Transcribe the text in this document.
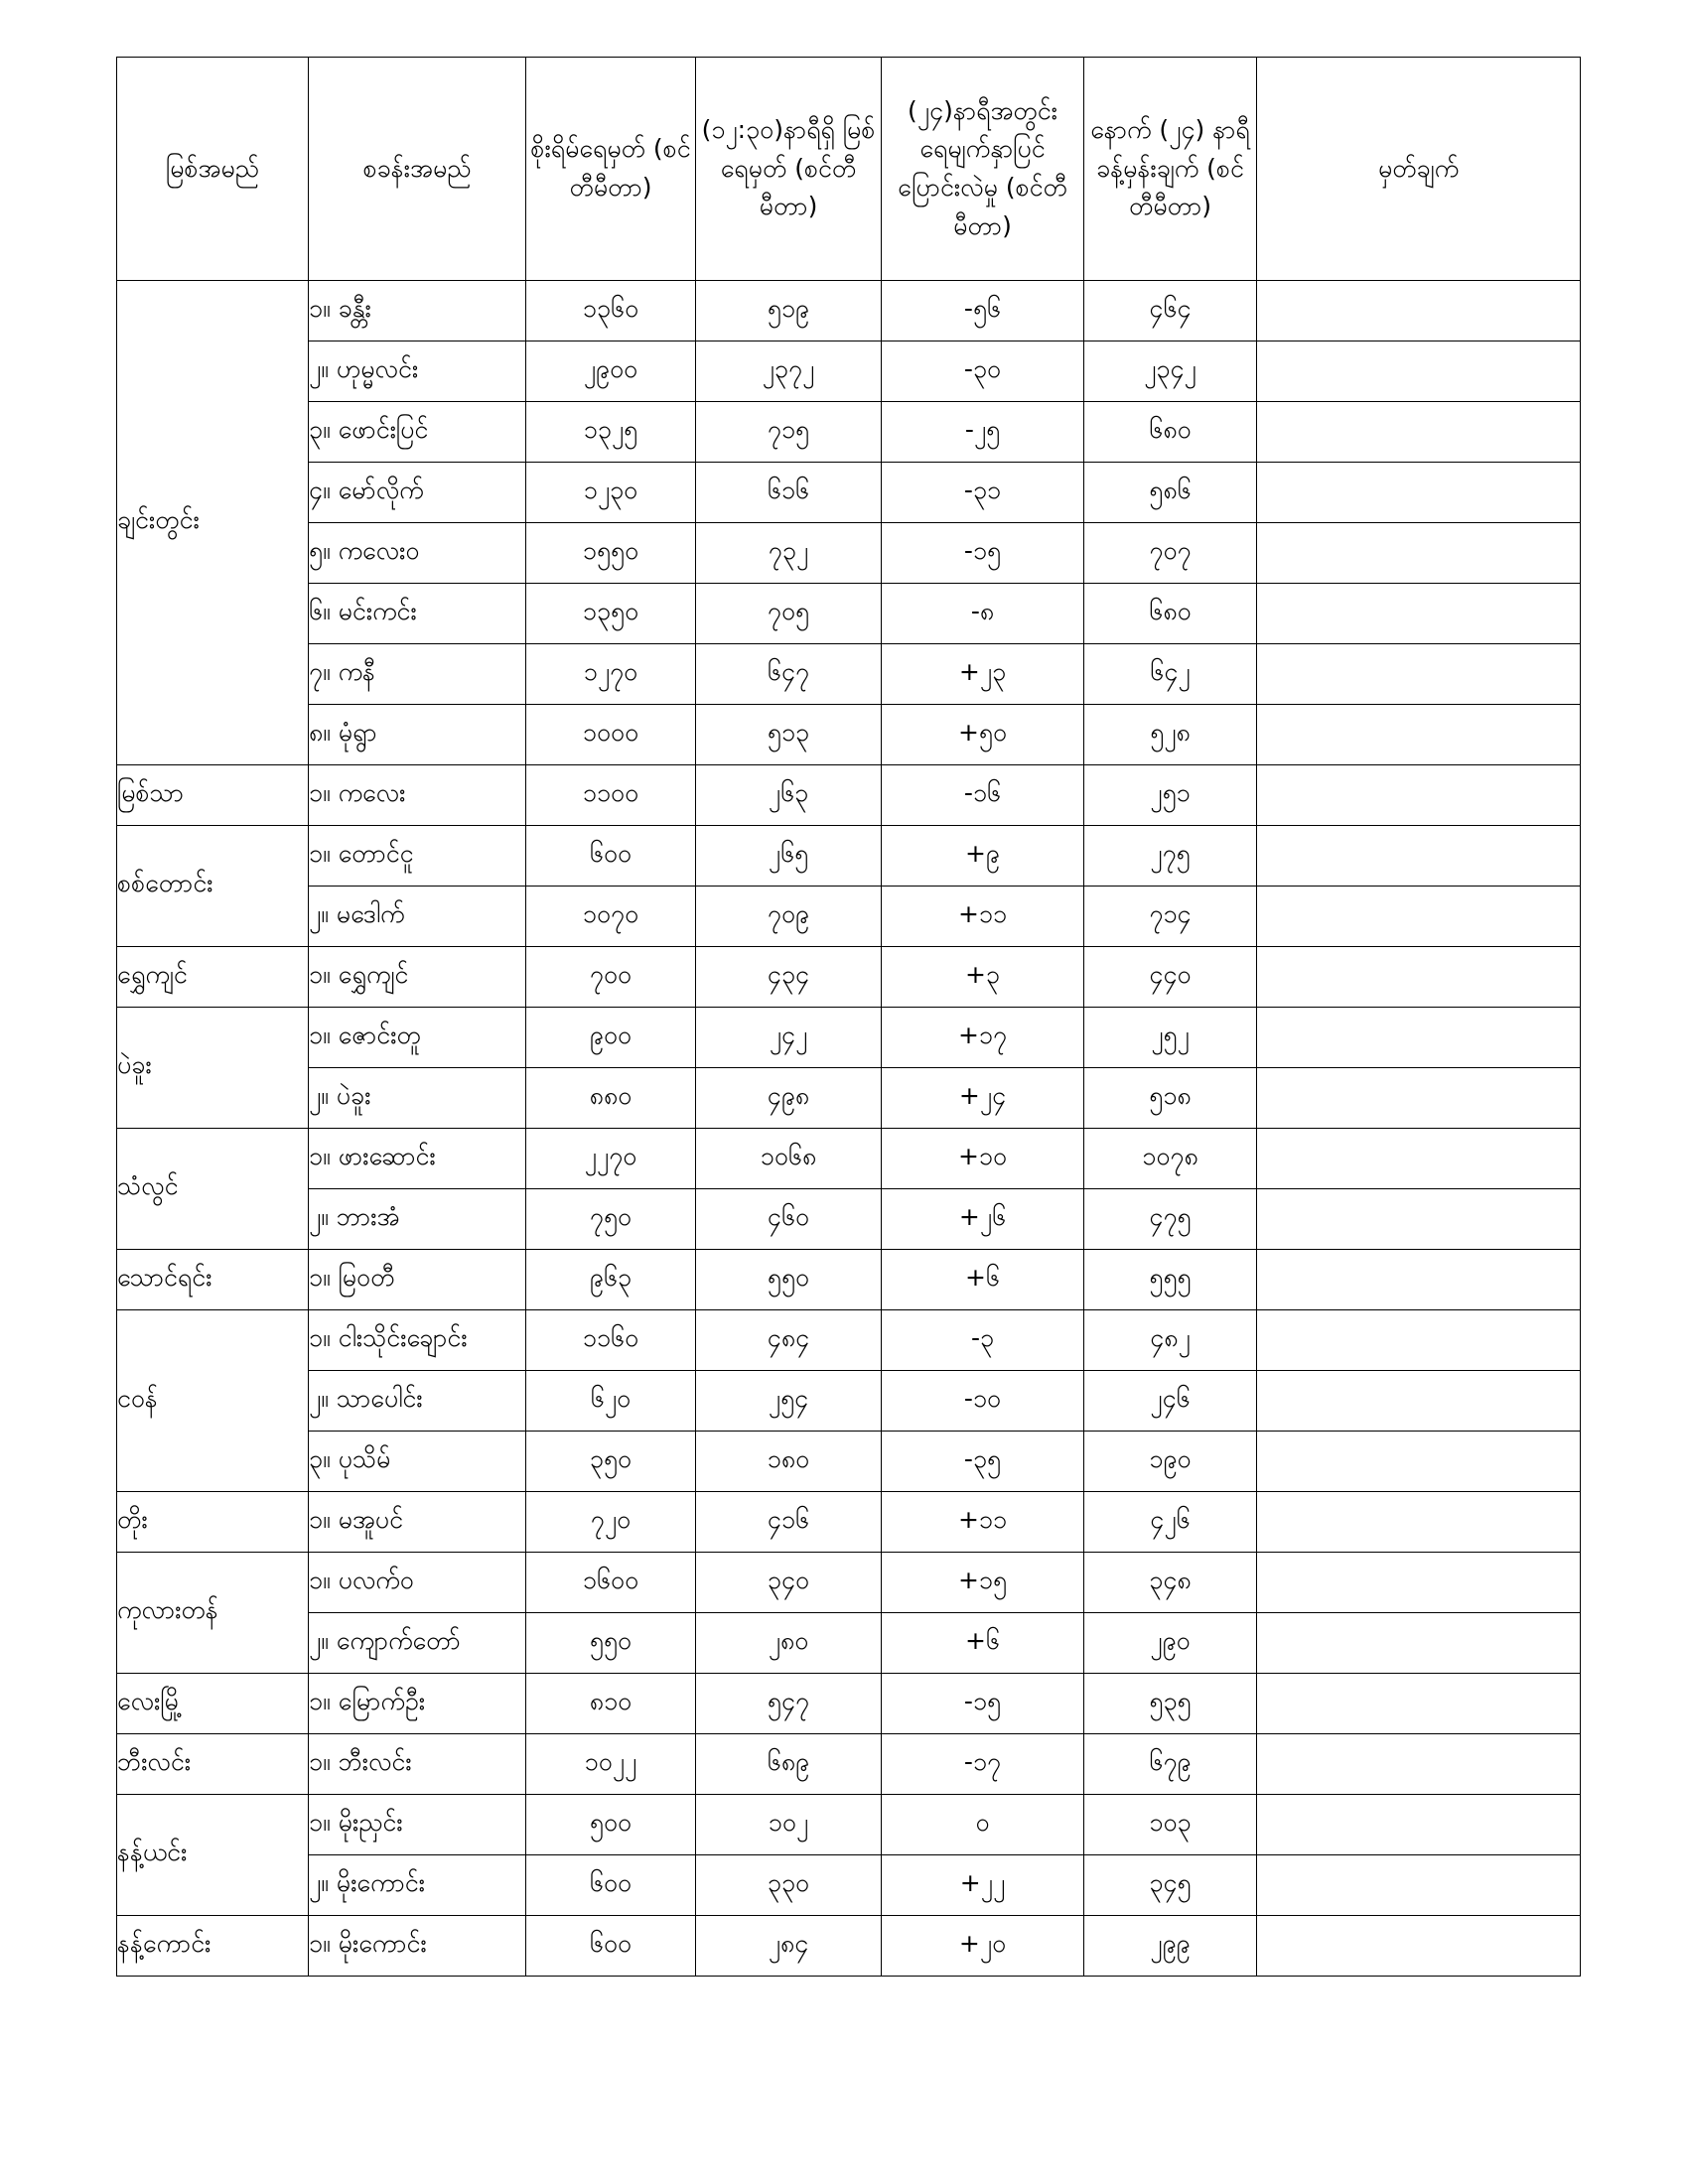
မြစ်အမည်	စခန်းအမည်	စိုးရိမ်ရေမှတ် (စင်တီမီတာ)	(၁၂:၃၀)နာရီရှိ မြစ်ရေမှတ် (စင်တီမီတာ)	(၂၄)နာရီအတွင်း ရေမျက်နှာပြင် ပြောင်းလဲမှု (စင်တီမီတာ)	နောက် (၂၄) နာရီ ခန့်မှန်းချက် (စင်တီမီတာ)	မှတ်ချက်
ချင်းတွင်း	၁။ ခန္တီး	၁၃၆၀	၅၁၉	-၅၆	၄၆၄	
	၂။ ဟုမ္မလင်း	၂၉၀၀	၂၃၇၂	-၃၀	၂၃၄၂	
	၃။ ဖောင်းပြင်	၁၃၂၅	၇၁၅	-၂၅	၆၈၀	
	၄။ မော်လိုက်	၁၂၃၀	၆၁၆	-၃၁	၅၈၆	
	၅။ ကလေးဝ	၁၅၅၀	၇၃၂	-၁၅	၇၀၇	
	၆။ မင်းကင်း	၁၃၅၀	၇၀၅	-၈	၆၈၀	
	၇။ ကနီ	၁၂၇၀	၆၄၇	+၂၃	၆၄၂	
	၈။ မုံရွာ	၁၀၀၀	၅၁၃	+၅၀	၅၂၈	
မြစ်သာ	၁။ ကလေး	၁၁၀၀	၂၆၃	-၁၆	၂၅၁	
စစ်တောင်း	၁။ တောင်ငူ	၆၀၀	၂၆၅	+၉	၂၇၅	
	၂။ မဒေါက်	၁၀၇၀	၇၀၉	+၁၁	၇၁၄	
ရွှေကျင်	၁။ ရွှေကျင်	၇၀၀	၄၃၄	+၃	၄၄၀	
ပဲခူး	၁။ ဇောင်းတူ	၉၀၀	၂၄၂	+၁၇	၂၅၂	
	၂။ ပဲခူး	၈၈၀	၄၉၈	+၂၄	၅၁၈	
သံလွင်	၁။ ဖားဆောင်း	၂၂၇၀	၁၀၆၈	+၁၀	၁၀၇၈	
	၂။ ဘားအံ	၇၅၀	၄၆၀	+၂၆	၄၇၅	
သောင်ရင်း	၁။ မြဝတီ	၉၆၃	၅၅၀	+၆	၅၅၅	
ငဝန်	၁။ ငါးသိုင်းချောင်း	၁၁၆၀	၄၈၄	-၃	၄၈၂	
	၂။ သာပေါင်း	၆၂၀	၂၅၄	-၁၀	၂၄၆	
	၃။ ပုသိမ်	၃၅၀	၁၈၀	-၃၅	၁၉၀	
တိုး	၁။ မအူပင်	၇၂၀	၄၁၆	+၁၁	၄၂၆	
ကုလားတန်	၁။ ပလက်ဝ	၁၆၀၀	၃၄၀	+၁၅	၃၄၈	
	၂။ ကျောက်တော်	၅၅၀	၂၈၀	+၆	၂၉၀	
လေးမြို့	၁။ မြောက်ဦး	၈၁၀	၅၄၇	-၁၅	၅၃၅	
ဘီးလင်း	၁။ ဘီးလင်း	၁၀၂၂	၆၈၉	-၁၇	၆၇၉	
နန့်ယင်း	၁။ မိုးညှင်း	၅၀၀	၁၀၂	၀	၁၀၃	
	၂။ မိုးကောင်း	၆၀၀	၃၃၀	+၂၂	၃၄၅	
နန့်ကောင်း	၁။ မိုးကောင်း	၆၀၀	၂၈၄	+၂၀	၂၉၉	
